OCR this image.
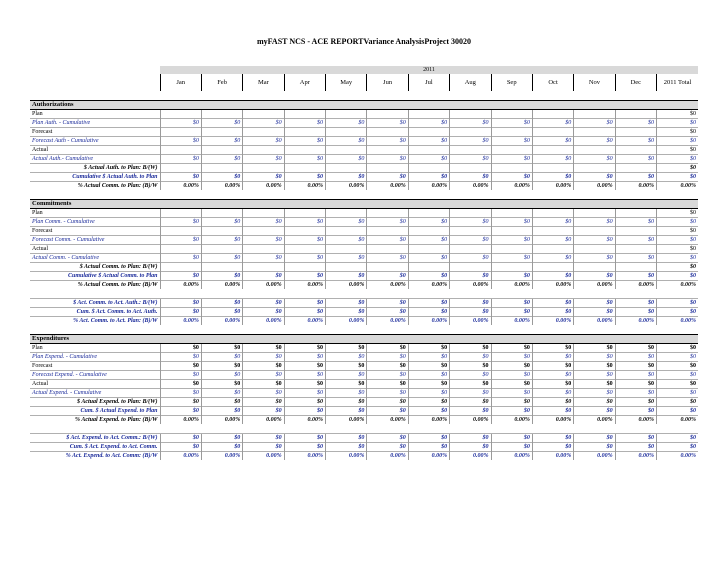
myFAST NCS - ACE REPORTVariance AnalysisProject 30020
	2011												
	Jan	Feb	Mar	Apr	May	Jun	Jul	Aug	Sep	Oct	Nov	Dec	2011 Total

Authorizations													
Plan													$0
Plan Auth. - Cumulative	$0	$0	$0	$0	$0	$0	$0	$0	$0	$0	$0	$0	$0
Forecast													$0
Forecast Auth - Cumulative	$0	$0	$0	$0	$0	$0	$0	$0	$0	$0	$0	$0	$0
Actual													$0
Actual Auth.- Cumulative	$0	$0	$0	$0	$0	$0	$0	$0	$0	$0	$0	$0	$0
$ Actual Auth. to Plan: B/(W)													$0
Cumulative $ Actual Auth. to Plan	$0	$0	$0	$0	$0	$0	$0	$0	$0	$0	$0	$0	$0
% Actual Comm. to Plan: (B)/W	0.00%	0.00%	0.00%	0.00%	0.00%	0.00%	0.00%	0.00%	0.00%	0.00%	0.00%	0.00%	0.00%

Commitments													
Plan													$0
Plan Comm. - Cumulative	$0	$0	$0	$0	$0	$0	$0	$0	$0	$0	$0	$0	$0
Forecast													$0
Forecast Comm. - Cumulative	$0	$0	$0	$0	$0	$0	$0	$0	$0	$0	$0	$0	$0
Actual													$0
Actual Comm. - Cumulative	$0	$0	$0	$0	$0	$0	$0	$0	$0	$0	$0	$0	$0
$ Actual Comm. to Plan: B/(W)													$0
Cumulative $ Actual Comm. to Plan	$0	$0	$0	$0	$0	$0	$0	$0	$0	$0	$0	$0	$0
% Actual Comm. to Plan: (B)/W	0.00%	0.00%	0.00%	0.00%	0.00%	0.00%	0.00%	0.00%	0.00%	0.00%	0.00%	0.00%	0.00%

$ Act. Comm. to Act. Auth.: B/(W)	$0	$0	$0	$0	$0	$0	$0	$0	$0	$0	$0	$0	$0
Cum. $ Act. Comm. to Act. Auth.	$0	$0	$0	$0	$0	$0	$0	$0	$0	$0	$0	$0	$0
% Act. Comm. to Act. Plan: (B)/W	0.00%	0.00%	0.00%	0.00%	0.00%	0.00%	0.00%	0.00%	0.00%	0.00%	0.00%	0.00%	0.00%

Expenditures													
Plan	$0	$0	$0	$0	$0	$0	$0	$0	$0	$0	$0	$0	$0
Plan Expend. - Cumulative	$0	$0	$0	$0	$0	$0	$0	$0	$0	$0	$0	$0	$0
Forecast	$0	$0	$0	$0	$0	$0	$0	$0	$0	$0	$0	$0	$0
Forecast Expend. - Cumulative	$0	$0	$0	$0	$0	$0	$0	$0	$0	$0	$0	$0	$0
Actual	$0	$0	$0	$0	$0	$0	$0	$0	$0	$0	$0	$0	$0
Actual Expend. - Cumulative	$0	$0	$0	$0	$0	$0	$0	$0	$0	$0	$0	$0	$0
$ Actual Expend. to Plan: B/(W)	$0	$0	$0	$0	$0	$0	$0	$0	$0	$0	$0	$0	$0
Cum. $ Actual Expend. to Plan	$0	$0	$0	$0	$0	$0	$0	$0	$0	$0	$0	$0	$0
% Actual Expend. to Plan: (B)/W	0.00%	0.00%	0.00%	0.00%	0.00%	0.00%	0.00%	0.00%	0.00%	0.00%	0.00%	0.00%	0.00%

$ Act. Expend. to Act. Comm.: B/(W)	$0	$0	$0	$0	$0	$0	$0	$0	$0	$0	$0	$0	$0
Cum. $ Act. Expend. to Act. Comm.	$0	$0	$0	$0	$0	$0	$0	$0	$0	$0	$0	$0	$0
% Act. Expend. to Act. Comm: (B)/W	0.00%	0.00%	0.00%	0.00%	0.00%	0.00%	0.00%	0.00%	0.00%	0.00%	0.00%	0.00%	0.00%
